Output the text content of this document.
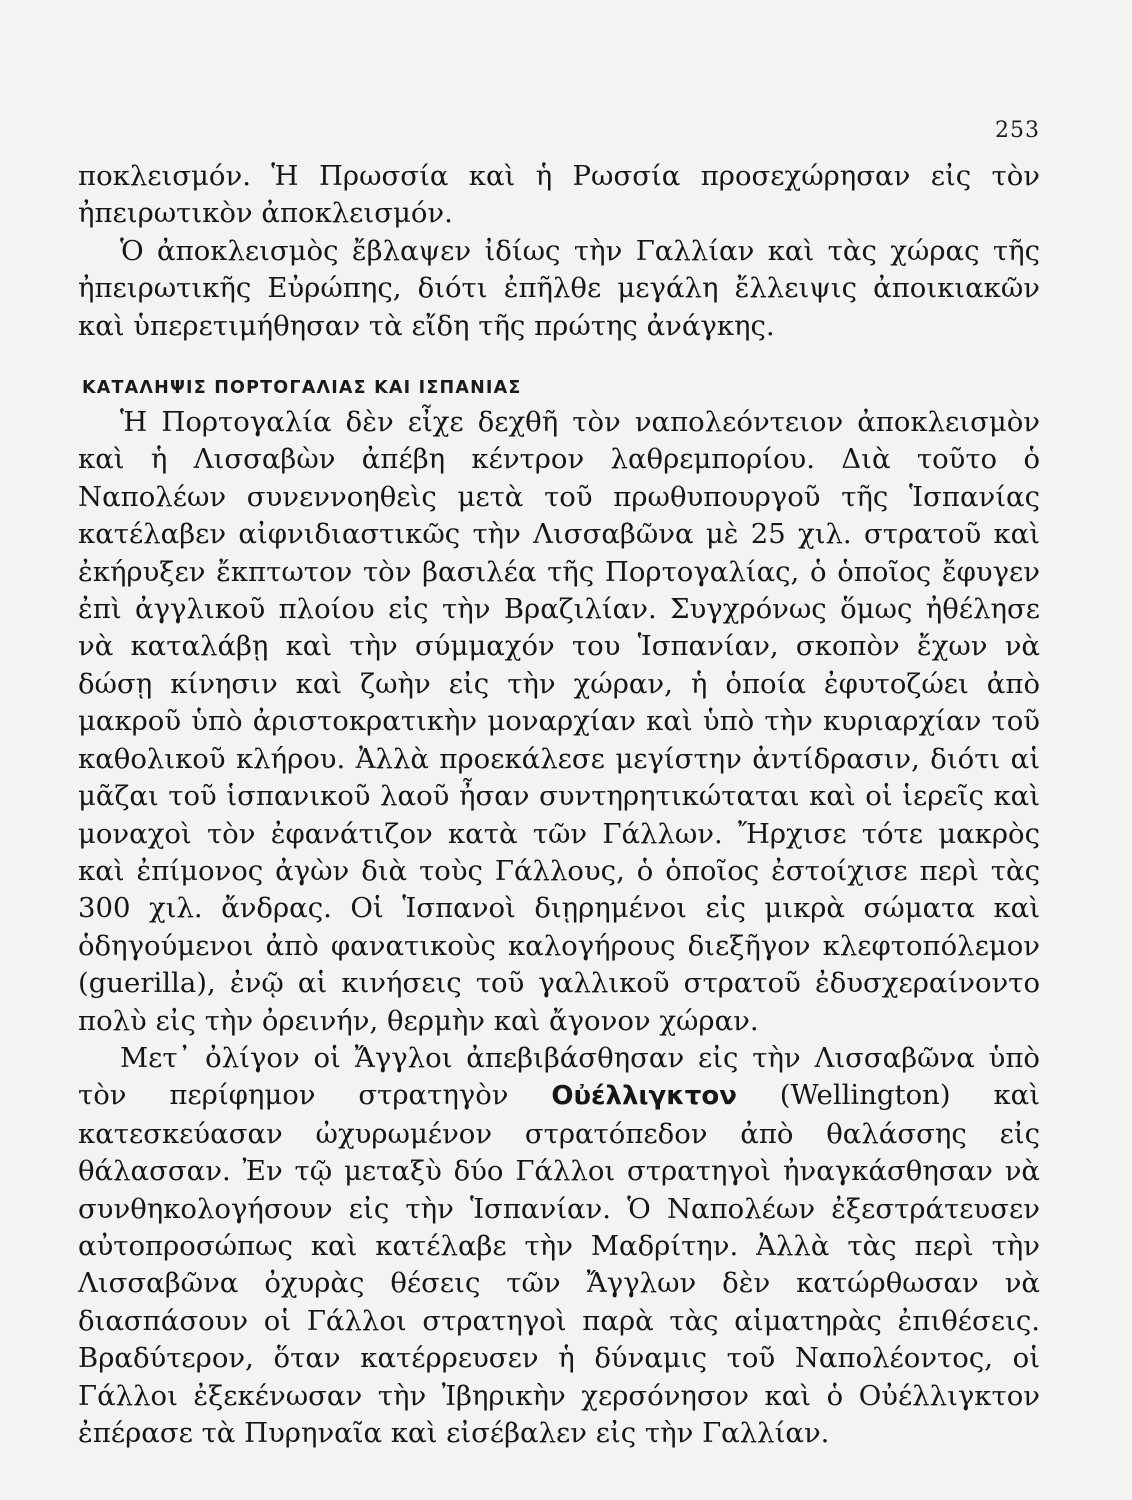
253

ποκλεισμόν. Ἡ Πρωσσία καὶ ἡ Ρωσσία προσεχώρησαν εἰς τὸν ἠπειρωτικὸν ἀποκλεισμόν.

Ὁ ἀποκλεισμὸς ἔβλαψεν ἰδίως τὴν Γαλλίαν καὶ τὰς χώρας τῆς ἠπειρωτικῆς Εὐρώπης, διότι ἐπῆλθε μεγάλη ἔλλειψις ἀποικιακῶν καὶ ὑπερετιμήθησαν τὰ εἴδη τῆς πρώτης ἀνάγκης.

ΚΑΤΑΛΗΨΙΣ ΠΟΡΤΟΓΑΛΙΑΣ ΚΑΙ ΙΣΠΑΝΙΑΣ

Ἡ Πορτογαλία δὲν εἶχε δεχθῆ τὸν ναπολεόντειον ἀποκλεισμὸν καὶ ἡ Λισσαβὼν ἀπέβη κέντρον λαθρεμπορίου. Διὰ τοῦτο ὁ Ναπολέων συνεννοηθεὶς μετὰ τοῦ πρωθυπουργοῦ τῆς Ἱσπανίας κατέλαβεν αἰφνιδιαστικῶς τὴν Λισσαβῶνα μὲ 25 χιλ. στρατοῦ καὶ ἐκήρυξεν ἔκπτωτον τὸν βασιλέα τῆς Πορτογαλίας, ὁ ὁποῖος ἔφυγεν ἐπὶ ἀγγλικοῦ πλοίου εἰς τὴν Βραζιλίαν. Συγχρόνως ὅμως ἠθέλησε νὰ καταλάβῃ καὶ τὴν σύμμαχόν του Ἱσπανίαν, σκοπὸν ἔχων νὰ δώσῃ κίνησιν καὶ ζωὴν εἰς τὴν χώραν, ἡ ὁποία ἐφυτοζώει ἀπὸ μακροῦ ὑπὸ ἀριστοκρατικὴν μοναρχίαν καὶ ὑπὸ τὴν κυριαρχίαν τοῦ καθολικοῦ κλήρου. Ἀλλὰ προεκάλεσε μεγίστην ἀντίδρασιν, διότι αἱ μᾶζαι τοῦ ἱσπανικοῦ λαοῦ ἦσαν συντηρητικώταται καὶ οἱ ἱερεῖς καὶ μοναχοὶ τὸν ἐφανάτιζον κατὰ τῶν Γάλλων. Ἤρχισε τότε μακρὸς καὶ ἐπίμονος ἀγὼν διὰ τοὺς Γάλλους, ὁ ὁποῖος ἐστοίχισε περὶ τὰς 300 χιλ. ἄνδρας. Οἱ Ἱσπανοὶ διῃρημένοι εἰς μικρὰ σώματα καὶ ὁδηγούμενοι ἀπὸ φανατικοὺς καλογήρους διεξῆγον κλεφτοπόλεμον (guerilla), ἐνῷ αἱ κινήσεις τοῦ γαλλικοῦ στρατοῦ ἐδυσχεραίνοντο πολὺ εἰς τὴν ὀρεινήν, θερμὴν καὶ ἄγονον χώραν.

Μετ᾽ ὀλίγον οἱ Ἄγγλοι ἀπεβιβάσθησαν εἰς τὴν Λισσαβῶνα ὑπὸ τὸν περίφημον στρατηγὸν Οὐέλλιγκτον (Wellington) καὶ κατεσκεύασαν ὠχυρωμένον στρατόπεδον ἀπὸ θαλάσσης εἰς θάλασσαν. Ἐν τῷ μεταξὺ δύο Γάλλοι στρατηγοὶ ἠναγκάσθησαν νὰ συνθηκολογήσουν εἰς τὴν Ἱσπανίαν. Ὁ Ναπολέων ἐξεστράτευσεν αὐτοπροσώπως καὶ κατέλαβε τὴν Μαδρίτην. Ἀλλὰ τὰς περὶ τὴν Λισσαβῶνα ὀχυρὰς θέσεις τῶν Ἄγγλων δὲν κατώρθωσαν νὰ διασπάσουν οἱ Γάλλοι στρατηγοὶ παρὰ τὰς αἱματηρὰς ἐπιθέσεις. Βραδύτερον, ὅταν κατέρρευσεν ἡ δύναμις τοῦ Ναπολέοντος, οἱ Γάλλοι ἐξεκένωσαν τὴν Ἰβηρικὴν χερσόνησον καὶ ὁ Οὐέλλιγκτον ἐπέρασε τὰ Πυρηναῖα καὶ εἰσέβαλεν εἰς τὴν Γαλλίαν.
